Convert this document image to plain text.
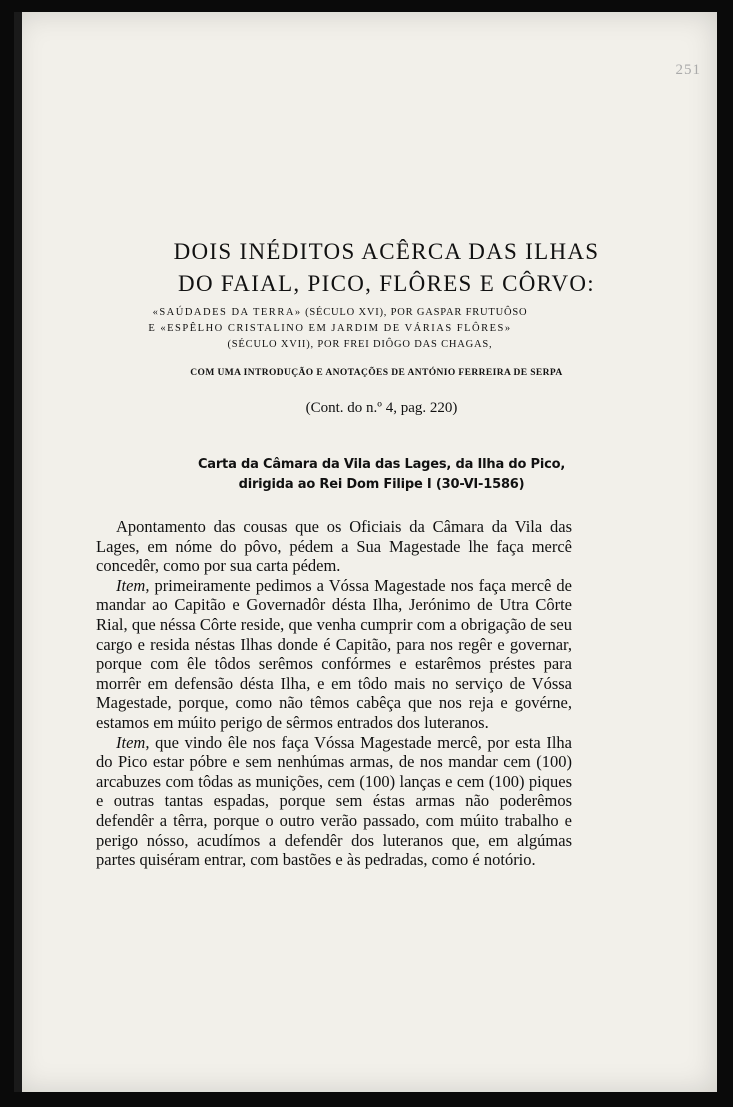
251
DOIS INÉDITOS ACÊRCA DAS ILHAS
DO FAIAL, PICO, FLÔRES E CÔRVO:
«SAÚDADES DA TERRA» (SÉCULO XVI), POR GASPAR FRUTUÔSO
E «ESPÊLHO CRISTALINO EM JARDIM DE VÁRIAS FLÔRES»
(SÉCULO XVII), POR FREI DIÔGO DAS CHAGAS,
COM UMA INTRODUÇÃO E ANOTAÇÕES DE ANTÓNIO FERREIRA DE SERPA
(Cont. do n.º 4, pag. 220)
Carta da Câmara da Vila das Lages, da Ilha do Pico,
dirigida ao Rei Dom Filipe I (30-VI-1586)

Apontamento das cousas que os Oficiais da Câmara da Vila das Lages, em nóme do pôvo, pédem a Sua Magestade lhe faça mercê concedêr, como por sua carta pédem.

Item, primeiramente pedimos a Vóssa Magestade nos faça mercê de mandar ao Capitão e Governadôr désta Ilha, Jerónimo de Utra Côrte Rial, que néssa Côrte reside, que venha cumprir com a obrigação de seu cargo e resida néstas Ilhas donde é Capitão, para nos regêr e governar, porque com êle tôdos serêmos confórmes e estarêmos préstes para morrêr em defensão désta Ilha, e em tôdo mais no serviço de Vóssa Magestade, porque, como não têmos cabêça que nos reja e govérne, estamos em múito perigo de sêrmos entrados dos luteranos.

Item, que vindo êle nos faça Vóssa Magestade mercê, por esta Ilha do Pico estar póbre e sem nenhúmas armas, de nos mandar cem (100) arcabuzes com tôdas as munições, cem (100) lanças e cem (100) piques e outras tantas espadas, porque sem éstas armas não poderêmos defendêr a têrra, porque o outro verão passado, com múito trabalho e perigo nósso, acudímos a defendêr dos luteranos que, em algúmas partes quiséram entrar, com bastões e às pedradas, como é notório.
